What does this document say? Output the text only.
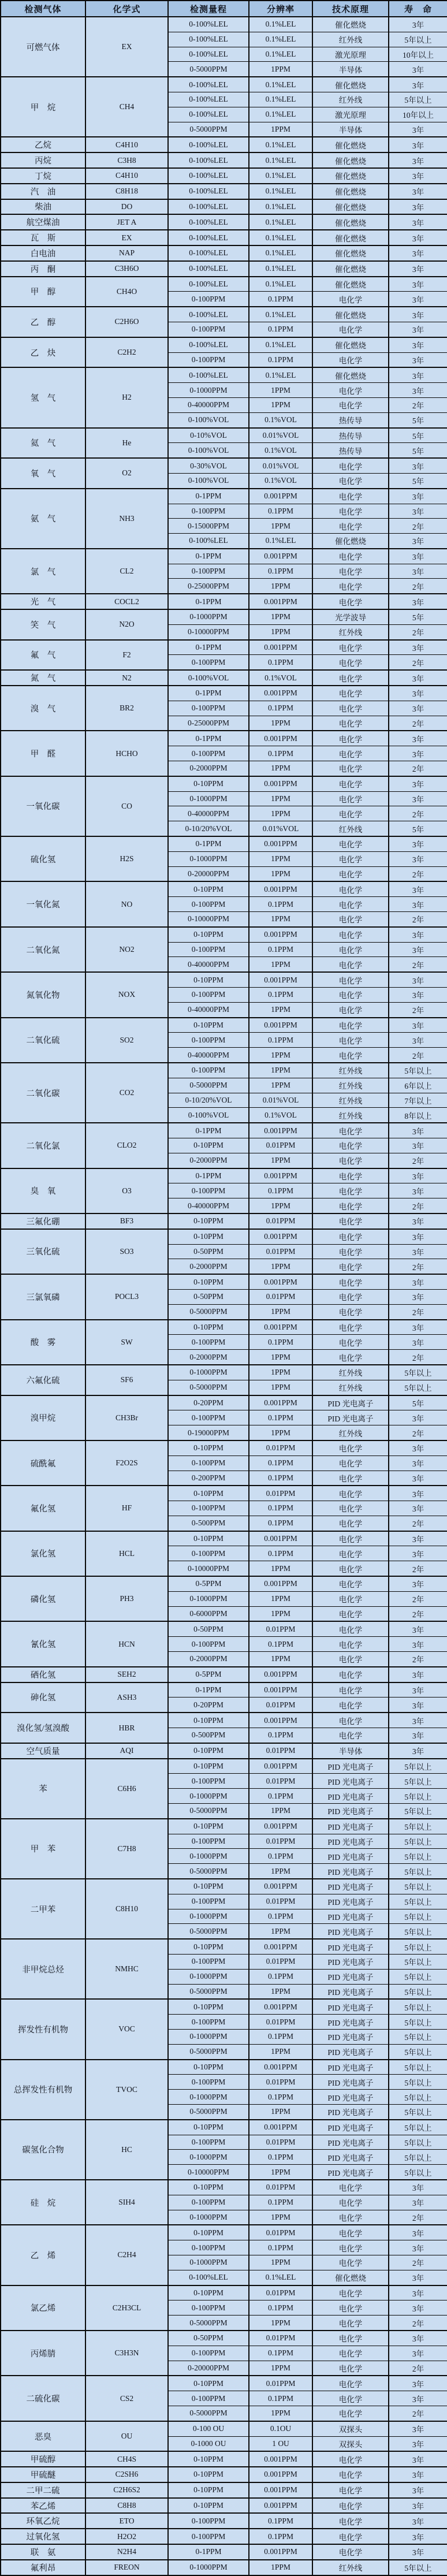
检测气体	化学式	检测量程	分辨率	技术原理	寿　命
可燃气体	EX	0-100%LEL	0.1%LEL	催化燃烧	3年
		0-100%LEL	0.1%LEL	红外线	5年以上
		0-100%LEL	0.1%LEL	激光原理	10年以上
		0-5000PPM	1PPM	半导体	3年
甲　烷	CH4	0-100%LEL	0.1%LEL	催化燃烧	3年
		0-100%LEL	0.1%LEL	红外线	5年以上
		0-100%LEL	0.1%LEL	激光原理	10年以上
		0-5000PPM	1PPM	半导体	3年
乙烷	C4H10	0-100%LEL	0.1%LEL	催化燃烧	3年
丙烷	C3H8	0-100%LEL	0.1%LEL	催化燃烧	3年
丁烷	C4H10	0-100%LEL	0.1%LEL	催化燃烧	3年
汽　油	C8H18	0-100%LEL	0.1%LEL	催化燃烧	3年
柴油	DO	0-100%LEL	0.1%LEL	催化燃烧	3年
航空煤油	JET A	0-100%LEL	0.1%LEL	催化燃烧	3年
瓦　斯	EX	0-100%LEL	0.1%LEL	催化燃烧	3年
白电油	NAP	0-100%LEL	0.1%LEL	催化燃烧	3年
丙　酮	C3H6O	0-100%LEL	0.1%LEL	催化燃烧	3年
甲　醇	CH4O	0-100%LEL	0.1%LEL	催化燃烧	3年
		0-100PPM	0.1PPM	电化学	3年
乙　醇	C2H6O	0-100%LEL	0.1%LEL	催化燃烧	3年
		0-100PPM	0.1PPM	电化学	3年
乙　炔	C2H2	0-100%LEL	0.1%LEL	催化燃烧	3年
		0-100PPM	0.1PPM	电化学	3年
氢　气	H2	0-100%LEL	0.1%LEL	催化燃烧	3年
		0-1000PPM	1PPM	电化学	3年
		0-40000PPM	1PPM	电化学	2年
		0-100%VOL	0.1%VOL	热传导	5年
氦　气	He	0-10%VOL	0.01%VOL	热传导	5年
		0-100%VOL	0.1%VOL	热传导	5年
氧　气	O2	0-30%VOL	0.01%VOL	电化学	3年
		0-100%VOL	0.1%VOL	电化学	5年
氨　气	NH3	0-1PPM	0.001PPM	电化学	3年
		0-100PPM	0.1PPM	电化学	3年
		0-15000PPM	1PPM	电化学	2年
		0-100%LEL	0.1%LEL	催化燃烧	3年
氯　气	CL2	0-1PPM	0.001PPM	电化学	3年
		0-100PPM	0.1PPM	电化学	3年
		0-25000PPM	1PPM	电化学	2年
光　气	COCL2	0-1PPM	0.001PPM	电化学	3年
笑　气	N2O	0-1000PPM	1PPM	光学波导	5年
		0-10000PPM	1PPM	红外线	2年
氟　气	F2	0-1PPM	0.001PPM	电化学	3年
		0-100PPM	0.1PPM	电化学	2年
氮　气	N2	0-100%VOL	0.1%VOL	电化学	3年
溴　气	BR2	0-1PPM	0.001PPM	电化学	3年
		0-100PPM	0.1PPM	电化学	3年
		0-25000PPM	1PPM	电化学	2年
甲　醛	HCHO	0-1PPM	0.001PPM	电化学	3年
		0-100PPM	0.1PPM	电化学	3年
		0-2000PPM	1PPM	电化学	2年
一氧化碳	CO	0-10PPM	0.001PPM	电化学	3年
		0-1000PPM	1PPM	电化学	3年
		0-40000PPM	1PPM	电化学	2年
		0-10/20%VOL	0.01%VOL	红外线	5年
硫化氢	H2S	0-1PPM	0.001PPM	电化学	3年
		0-1000PPM	1PPM	电化学	3年
		0-20000PPM	1PPM	电化学	2年
一氧化氮	NO	0-10PPM	0.001PPM	电化学	3年
		0-100PPM	0.1PPM	电化学	3年
		0-10000PPM	1PPM	电化学	2年
二氧化氮	NO2	0-10PPM	0.001PPM	电化学	3年
		0-100PPM	0.1PPM	电化学	3年
		0-40000PPM	1PPM	电化学	2年
氮氧化物	NOX	0-10PPM	0.001PPM	电化学	3年
		0-100PPM	0.1PPM	电化学	3年
		0-40000PPM	1PPM	电化学	2年
二氧化硫	SO2	0-10PPM	0.001PPM	电化学	3年
		0-100PPM	0.1PPM	电化学	3年
		0-40000PPM	1PPM	电化学	2年
二氧化碳	CO2	0-100PPM	1PPM	红外线	5年以上
		0-5000PPM	1PPM	红外线	6年以上
		0-10/20%VOL	0.01%VOL	红外线	7年以上
		0-100%VOL	0.1%VOL	红外线	8年以上
二氧化氯	CLO2	0-1PPM	0.001PPM	电化学	3年
		0-10PPM	0.01PPM	电化学	3年
		0-2000PPM	1PPM	电化学	2年
臭　氧	O3	0-1PPM	0.001PPM	电化学	3年
		0-100PPM	0.1PPM	电化学	3年
		0-40000PPM	1PPM	电化学	2年
三氟化硼	BF3	0-10PPM	0.01PPM	电化学	3年
三氧化硫	SO3	0-10PPM	0.001PPM	电化学	3年
		0-50PPM	0.01PPM	电化学	3年
		0-2000PPM	1PPM	电化学	2年
三氯氧磷	POCL3	0-10PPM	0.001PPM	电化学	3年
		0-50PPM	0.01PPM	电化学	3年
		0-5000PPM	1PPM	电化学	2年
酸　雾	SW	0-10PPM	0.001PPM	电化学	3年
		0-100PPM	0.1PPM	电化学	3年
		0-2000PPM	1PPM	电化学	2年
六氟化硫	SF6	0-1000PPM	1PPM	红外线	5年以上
		0-5000PPM	1PPM	红外线	5年以上
溴甲烷	CH3Br	0-20PPM	0.001PPM	PID 光电离子	5年
		0-100PPM	0.1PPM	PID 光电离子	3年
		0-19000PPM	1PPM	红外线	2年
硫酰氟	F2O2S	0-10PPM	0.01PPM	电化学	3年
		0-100PPM	0.1PPM	电化学	3年
		0-200PPM	0.1PPM	电化学	3年
氟化氢	HF	0-10PPM	0.01PPM	电化学	3年
		0-100PPM	0.1PPM	电化学	3年
		0-500PPM	0.1PPM	电化学	2年
氯化氢	HCL	0-10PPM	0.001PPM	电化学	3年
		0-100PPM	0.1PPM	电化学	3年
		0-10000PPM	1PPM	电化学	2年
磷化氢	PH3	0-5PPM	0.001PPM	电化学	3年
		0-1000PPM	1PPM	电化学	2年
		0-6000PPM	1PPM	电化学	2年
氰化氢	HCN	0-50PPM	0.01PPM	电化学	3年
		0-100PPM	0.1PPM	电化学	3年
		0-2000PPM	1PPM	电化学	2年
硒化氢	SEH2	0-5PPM	0.001PPM	电化学	3年
砷化氢	ASH3	0-1PPM	0.001PPM	电化学	3年
		0-20PPM	0.01PPM	电化学	3年
溴化氢/氢溴酸	HBR	0-10PPM	0.001PPM	电化学	3年
		0-500PPM	0.1PPM	电化学	3年
空气质量	AQI	0-10PPM	0.01PPM	半导体	3年
苯	C6H6	0-10PPM	0.001PPM	PID 光电离子	5年以上
		0-100PPM	0.01PPM	PID 光电离子	5年以上
		0-1000PPM	0.1PPM	PID 光电离子	5年以上
		0-5000PPM	1PPM	PID 光电离子	5年以上
甲　苯	C7H8	0-10PPM	0.001PPM	PID 光电离子	5年以上
		0-100PPM	0.01PPM	PID 光电离子	5年以上
		0-1000PPM	0.1PPM	PID 光电离子	5年以上
		0-5000PPM	1PPM	PID 光电离子	5年以上
二甲苯	C8H10	0-10PPM	0.001PPM	PID 光电离子	5年以上
		0-100PPM	0.01PPM	PID 光电离子	5年以上
		0-1000PPM	0.1PPM	PID 光电离子	5年以上
		0-5000PPM	1PPM	PID 光电离子	5年以上
非甲烷总烃	NMHC	0-10PPM	0.001PPM	PID 光电离子	5年以上
		0-100PPM	0.01PPM	PID 光电离子	5年以上
		0-1000PPM	0.1PPM	PID 光电离子	5年以上
		0-5000PPM	1PPM	PID 光电离子	5年以上
挥发性有机物	VOC	0-10PPM	0.001PPM	PID 光电离子	5年以上
		0-100PPM	0.01PPM	PID 光电离子	5年以上
		0-1000PPM	0.1PPM	PID 光电离子	5年以上
		0-5000PPM	1PPM	PID 光电离子	5年以上
总挥发性有机物	TVOC	0-10PPM	0.001PPM	PID 光电离子	5年以上
		0-100PPM	0.01PPM	PID 光电离子	5年以上
		0-1000PPM	0.1PPM	PID 光电离子	5年以上
		0-5000PPM	1PPM	PID 光电离子	5年以上
碳氢化合物	HC	0-10PPM	0.001PPM	PID 光电离子	5年以上
		0-100PPM	0.01PPM	PID 光电离子	5年以上
		0-1000PPM	0.1PPM	PID 光电离子	5年以上
		0-10000PPM	1PPM	PID 光电离子	5年以上
硅　烷	SIH4	0-10PPM	0.01PPM	电化学	3年
		0-100PPM	0.1PPM	电化学	3年
		0-1000PPM	1PPM	电化学	2年
乙　烯	C2H4	0-10PPM	0.01PPM	电化学	3年
		0-100PPM	0.1PPM	电化学	3年
		0-1000PPM	1PPM	电化学	2年
		0-100%LEL	0.1%LEL	催化燃烧	3年
氯乙烯	C2H3CL	0-10PPM	0.01PPM	电化学	3年
		0-100PPM	0.1PPM	电化学	3年
		0-5000PPM	1PPM	电化学	2年
丙烯腈	C3H3N	0-50PPM	0.01PPM	电化学	3年
		0-100PPM	0.1PPM	电化学	3年
		0-20000PPM	1PPM	电化学	2年
二硫化碳	CS2	0-10PPM	0.01PPM	电化学	3年
		0-100PPM	0.1PPM	电化学	3年
		0-5000PPM	1PPM	电化学	2年
恶臭	OU	0-100 OU	0.1OU	双探头	3年
		0-1000 OU	1 OU	双探头	3年
甲硫醇	CH4S	0-10PPM	0.001PPM	电化学	3年
甲硫醚	C2SH6	0-10PPM	0.001PPM	电化学	3年
二甲二硫	C2H6S2	0-10PPM	0.001PPM	电化学	3年
苯乙烯	C8H8	0-10PPM	0.001PPM	电化学	3年
环氧乙烷	ETO	0-100PPM	0.1PPM	电化学	3年
过氧化氢	H2O2	0-100PPM	0.1PPM	电化学	3年
联　氨	N2H4	0-1PPM	0.001PPM	电化学	3年
氟利昂	FREON	0-1000PPM	1PPM	红外线	5年以上
